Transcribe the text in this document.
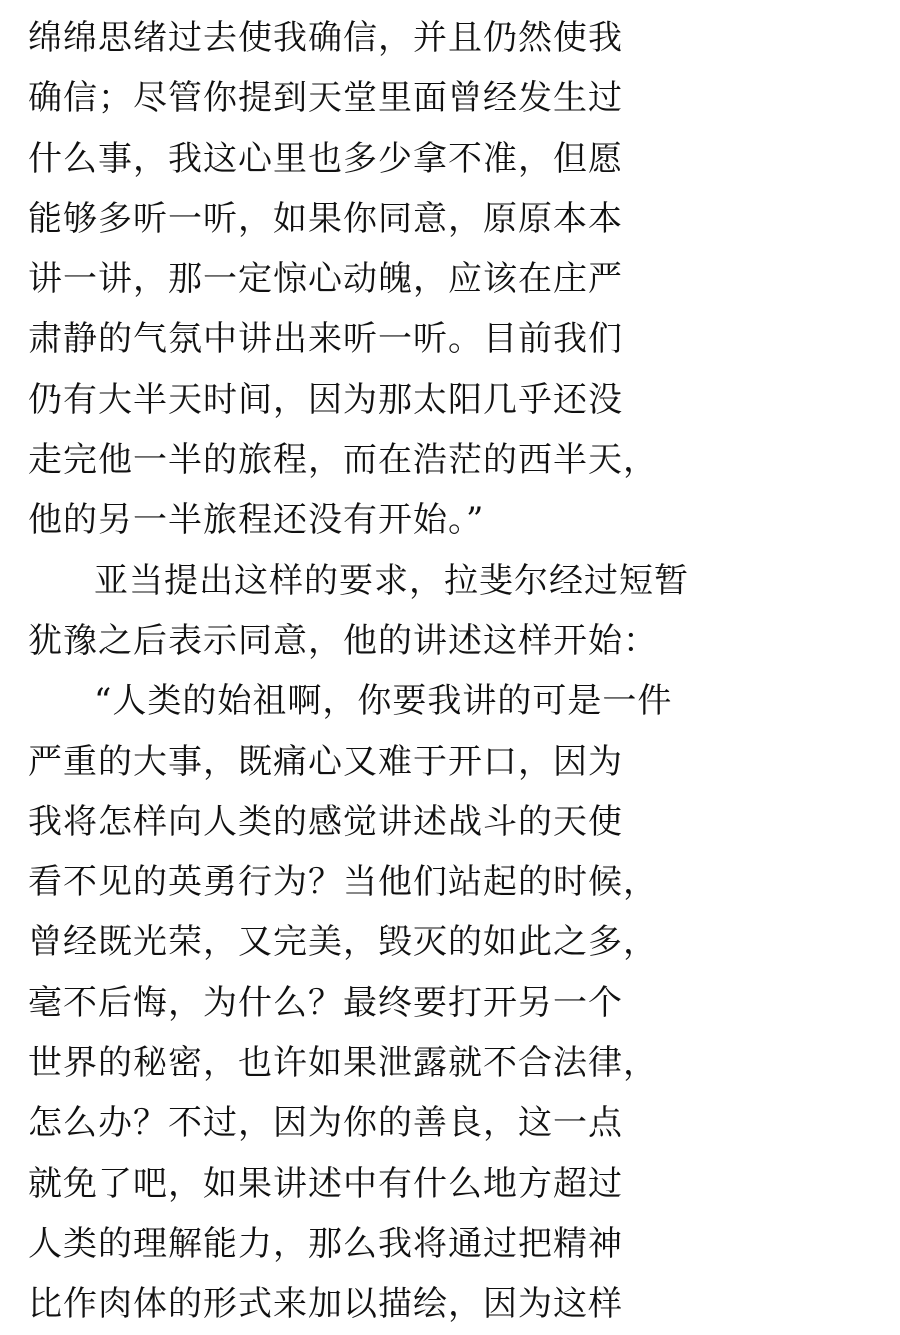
绵绵思绪过去使我确信，并且仍然使我
确信；尽管你提到天堂里面曾经发生过
什么事，我这心里也多少拿不准，但愿
能够多听一听，如果你同意，原原本本
讲一讲，那一定惊心动魄，应该在庄严
肃静的气氛中讲出来听一听。目前我们
仍有大半天时间，因为那太阳几乎还没
走完他一半的旅程，而在浩茫的西半天，
他的另一半旅程还没有开始。”
亚当提出这样的要求，拉斐尔经过短暂
犹豫之后表示同意，他的讲述这样开始：
“人类的始祖啊，你要我讲的可是一件
严重的大事，既痛心又难于开口，因为
我将怎样向人类的感觉讲述战斗的天使
看不见的英勇行为？当他们站起的时候，
曾经既光荣，又完美，毁灭的如此之多，
毫不后悔，为什么？最终要打开另一个
世界的秘密，也许如果泄露就不合法律，
怎么办？不过，因为你的善良，这一点
就免了吧，如果讲述中有什么地方超过
人类的理解能力，那么我将通过把精神
比作肉体的形式来加以描绘，因为这样
